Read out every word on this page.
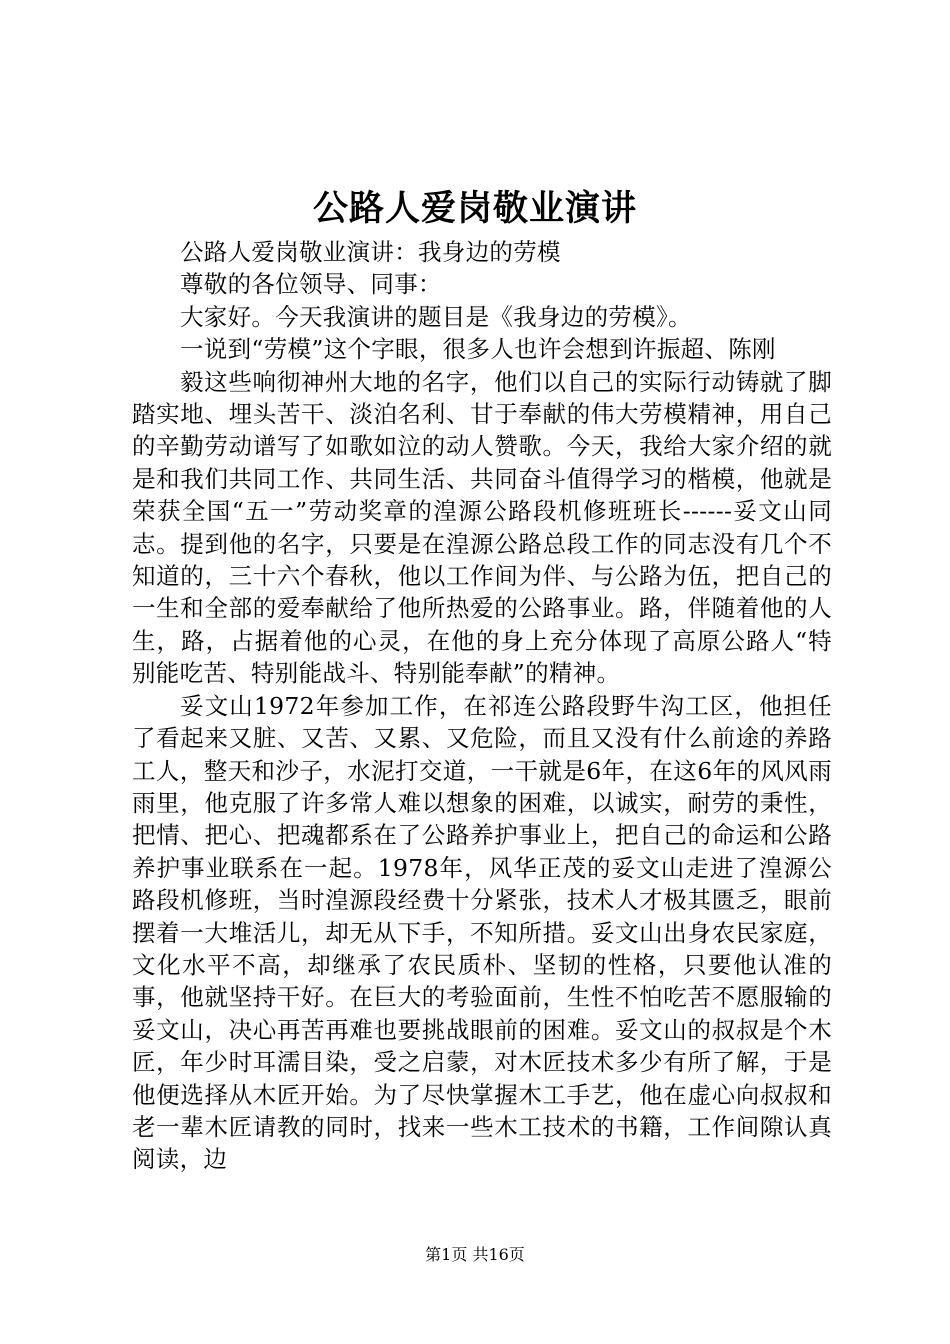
公路人爱岗敬业演讲

公路人爱岗敬业演讲：我身边的劳模

尊敬的各位领导、同事：

大家好。今天我演讲的题目是《我身边的劳模》。

一说到“劳模”这个字眼，很多人也许会想到许振超、陈刚

毅这些响彻神州大地的名字，他们以自己的实际行动铸就了脚踏实地、埋头苦干、淡泊名利、甘于奉献的伟大劳模精神，用自己的辛勤劳动谱写了如歌如泣的动人赞歌。今天，我给大家介绍的就是和我们共同工作、共同生活、共同奋斗值得学习的楷模，他就是荣获全国“五一”劳动奖章的湟源公路段机修班班长------妥文山同志。提到他的名字，只要是在湟源公路总段工作的同志没有几个不知道的，三十六个春秋，他以工作间为伴、与公路为伍，把自己的一生和全部的爱奉献给了他所热爱的公路事业。路，伴随着他的人生，路，占据着他的心灵，在他的身上充分体现了高原公路人“特别能吃苦、特别能战斗、特别能奉献”的精神。

妥文山1972年参加工作，在祁连公路段野牛沟工区，他担任了看起来又脏、又苦、又累、又危险，而且又没有什么前途的养路工人，整天和沙子，水泥打交道，一干就是6年，在这6年的风风雨雨里，他克服了许多常人难以想象的困难，以诚实，耐劳的秉性，把情、把心、把魂都系在了公路养护事业上，把自己的命运和公路养护事业联系在一起。1978年，风华正茂的妥文山走进了湟源公路段机修班，当时湟源段经费十分紧张，技术人才极其匮乏，眼前摆着一大堆活儿，却无从下手，不知所措。妥文山出身农民家庭，文化水平不高，却继承了农民质朴、坚韧的性格，只要他认准的事，他就坚持干好。在巨大的考验面前，生性不怕吃苦不愿服输的妥文山，决心再苦再难也要挑战眼前的困难。妥文山的叔叔是个木匠，年少时耳濡目染，受之启蒙，对木匠技术多少有所了解，于是他便选择从木匠开始。为了尽快掌握木工手艺，他在虚心向叔叔和老一辈木匠请教的同时，找来一些木工技术的书籍，工作间隙认真阅读，边

第1页 共16页
